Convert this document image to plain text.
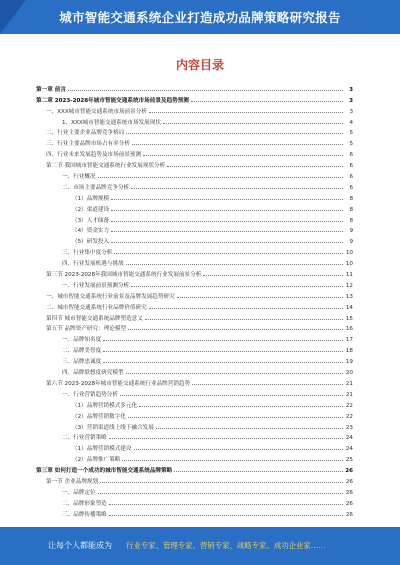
城市智能交通系统企业打造成功品牌策略研究报告
内容目录
第一章 前言	3
第二章 2023-2028年城市智能交通系统市场前景及趋势预测	3
一、XXX城市智能交通系统市场前景分析	3
1、XXX城市智能交通系统市场发展现状	4
二、行业主要企业品牌竞争格局	5
三、行业主要品牌市场占有率分析	5
四、行业未来发展趋势及市场前景预测	6
第二节 我国城市智能交通系统行业发展现状分析	6
一、行业概况	6
二、市场主要品牌竞争分析	6
（1）品牌规模	8
（2）渠道建设	8
（3）人才储备	8
（4）资金实力	9
（5）研发投入	9
三、行业集中度分析	10
四、行业发展机遇与挑战	10
第三节 2023-2028年我国城市智能交通系统行业发展前景分析	11
一、行业发展前景预测分析	12
一、城市智能交通系统行业前景及品牌发展趋势研究	13
二、城市智能交通系统行业品牌价值研究	14
第四节 城市智能交通系统品牌塑造意义	15
第五节 品牌资产研究：理论模型	16
一、品牌知名度	17
二、品牌美誉度	18
三、品牌忠诚度	19
四、品牌联想度研究模型	20
第六节 2023-2028年城市智能交通系统行业品牌营销趋势	21
一、行业营销趋势分析	21
（1）品牌营销模式多元化	22
（2）品牌营销数字化	22
（3）营销渠道线上线下融合发展	23
二、行业营销策略	24
（1）品牌营销模式建设	24
（2）品牌推广策略	25
第三章 如何打造一个成功的城市智能交通系统品牌策略	26
第一节 企业品牌规划	26
一、品牌定位	26
二、品牌形象塑造	26
三、品牌传播策略	26
让每个人都能成为 行业专家、管理专家、营销专家、战略专家、成功企业家……
